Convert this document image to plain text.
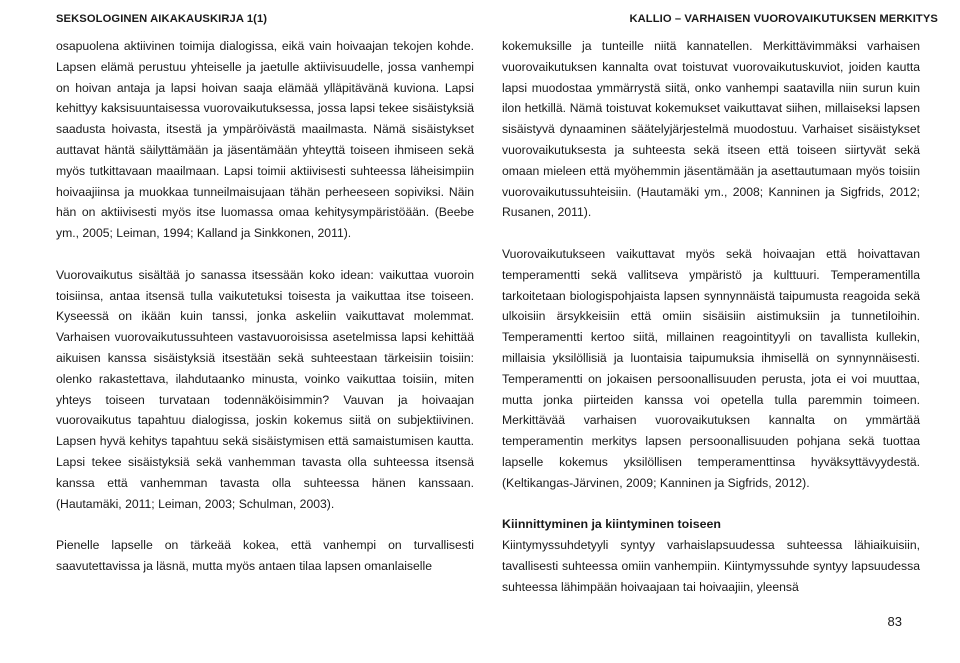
SEKSOLOGINEN AIKAKAUSKIRJA 1(1)

osapuolena aktiivinen toimija dialogissa, eikä vain hoivaajan tekojen kohde. Lapsen elämä perustuu yhteiselle ja jaetulle aktiivisuudelle, jossa vanhempi on hoivan antaja ja lapsi hoivan saaja elämää ylläpitävänä kuviona. Lapsi kehittyy kaksisuuntaisessa vuorovaikutuksessa, jossa lapsi tekee sisäistyksiä saadusta hoivasta, itsestä ja ympäröivästä maailmasta. Nämä sisäistykset auttavat häntä säilyttämään ja jäsentämään yhteyttä toiseen ihmiseen sekä myös tutkittavaan maailmaan. Lapsi toimii aktiivisesti suhteessa läheisimpiin hoivaajiinsa ja muokkaa tunneilmaisujaan tähän perheeseen sopiviksi. Näin hän on aktiivisesti myös itse luomassa omaa kehitysympäristöään. (Beebe ym., 2005; Leiman, 1994; Kalland ja Sinkkonen, 2011).

Vuorovaikutus sisältää jo sanassa itsessään koko idean: vaikuttaa vuoroin toisiinsa, antaa itsensä tulla vaikutetuksi toisesta ja vaikuttaa itse toiseen. Kyseessä on ikään kuin tanssi, jonka askeliin vaikuttavat molemmat. Varhaisen vuorovaikutussuhteen vastavuoroisissa asetelmissa lapsi kehittää aikuisen kanssa sisäistyksiä itsestään sekä suhteestaan tärkeisiin toisiin: olenko rakastettava, ilahdutaanko minusta, voinko vaikuttaa toisiin, miten yhteys toiseen turvataan todennäköisimmin? Vauvan ja hoivaajan vuorovaikutus tapahtuu dialogissa, joskin kokemus siitä on subjektiivinen. Lapsen hyvä kehitys tapahtuu sekä sisäistymisen että samaistumisen kautta. Lapsi tekee sisäistyksiä sekä vanhemman tavasta olla suhteessa itsensä kanssa että vanhemman tavasta olla suhteessa hänen kanssaan. (Hautamäki, 2011; Leiman, 2003; Schulman, 2003).

Pienelle lapselle on tärkeää kokea, että vanhempi on turvallisesti saavutettavissa ja läsnä, mutta myös antaen tilaa lapsen omanlaiselle

KALLIO – VARHAISEN VUOROVAIKUTUKSEN MERKITYS

kokemuksille ja tunteille niitä kannatellen. Merkittävimmäksi varhaisen vuorovaikutuksen kannalta ovat toistuvat vuorovaikutuskuviot, joiden kautta lapsi muodostaa ymmärrystä siitä, onko vanhempi saatavilla niin surun kuin ilon hetkillä. Nämä toistuvat kokemukset vaikuttavat siihen, millaiseksi lapsen sisäistyvä dynaaminen säätelyjärjestelmä muodostuu. Varhaiset sisäistykset vuorovaikutuksesta ja suhteesta sekä itseen että toiseen siirtyvät sekä omaan mieleen että myöhemmin jäsentämään ja asettautumaan myös toisiin vuorovaikutussuhteisiin. (Hautamäki ym., 2008; Kanninen ja Sigfrids, 2012; Rusanen, 2011).

Vuorovaikutukseen vaikuttavat myös sekä hoivaajan että hoivattavan temperamentti sekä vallitseva ympäristö ja kulttuuri. Temperamentilla tarkoitetaan biologispohjaista lapsen synnynnäistä taipumusta reagoida sekä ulkoisiin ärsykkeisiin että omiin sisäisiin aistimuksiin ja tunnetiloihin. Temperamentti kertoo siitä, millainen reagointityyli on tavallista kullekin, millaisia yksilöllisiä ja luontaisia taipumuksia ihmisellä on synnynnäisesti. Temperamentti on jokaisen persoonallisuuden perusta, jota ei voi muuttaa, mutta jonka piirteiden kanssa voi opetella tulla paremmin toimeen. Merkittävää varhaisen vuorovaikutuksen kannalta on ymmärtää temperamentin merkitys lapsen persoonallisuuden pohjana sekä tuottaa lapselle kokemus yksilöllisen temperamenttinsa hyväksyttävyydestä. (Keltikangas-Järvinen, 2009; Kanninen ja Sigfrids, 2012).

Kiinnittyminen ja kiintyminen toiseen

Kiintymyssuhdetyyli syntyy varhaislapsuudessa suhteessa lähiaikuisiin, tavallisesti suhteessa omiin vanhempiin. Kiintymyssuhde syntyy lapsuudessa suhteessa lähimpään hoivaajaan tai hoivaajiin, yleensä

83
